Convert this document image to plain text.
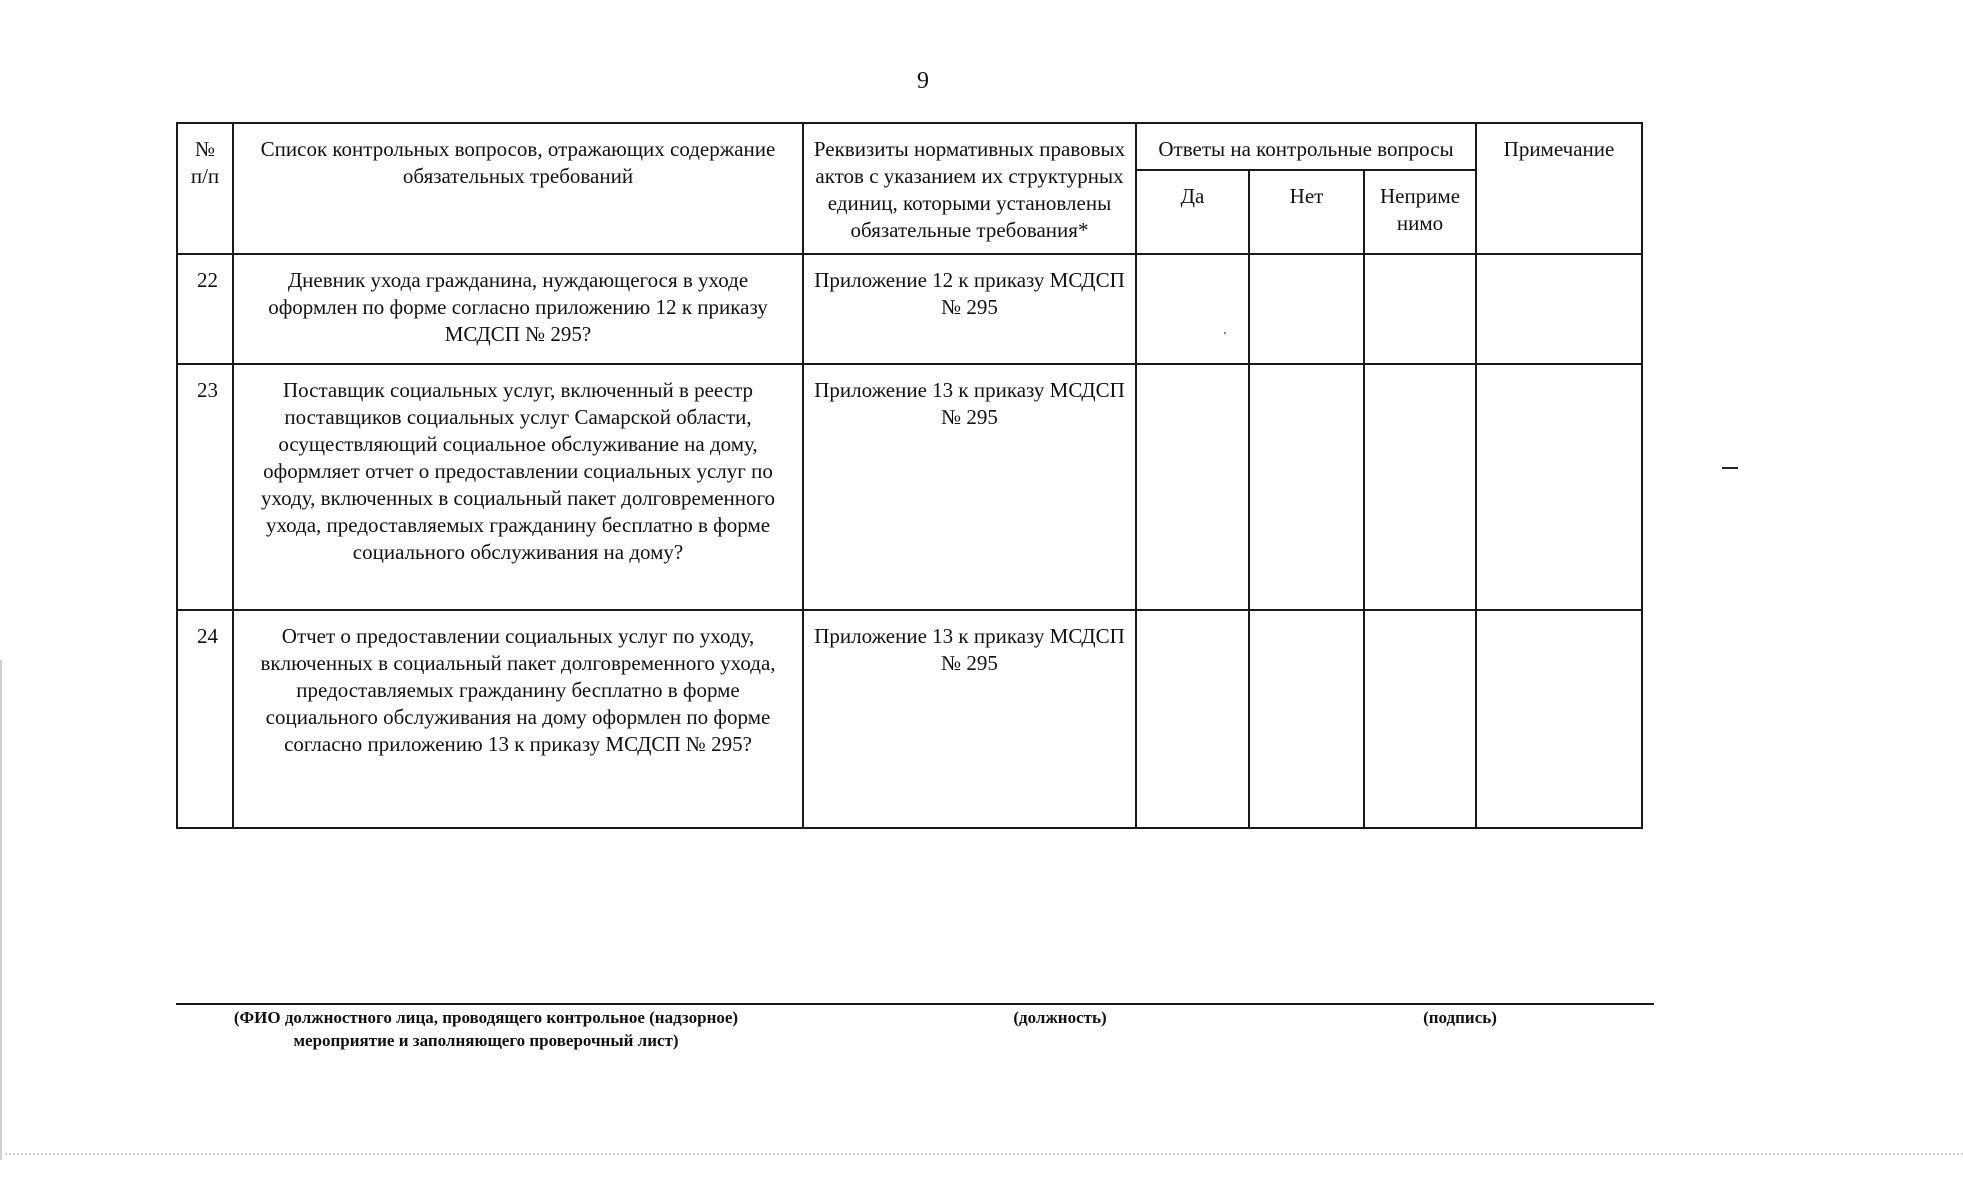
9
№ п/п	Список контрольных вопросов, отражающих содержание обязательных требований	Реквизиты нормативных правовых актов с указанием их структурных единиц, которыми установлены обязательные требования*	Ответы на контрольные вопросы			Примечание
			Да	Нет	Неприме нимо	
22	Дневник ухода гражданина, нуждающегося в уходе оформлен по форме согласно приложению 12 к приказу МСДСП № 295?	Приложение 12 к приказу МСДСП № 295				
23	Поставщик социальных услуг, включенный в реестр поставщиков социальных услуг Самарской области, осуществляющий социальное обслуживание на дому, оформляет отчет о предоставлении социальных услуг по уходу, включенных в социальный пакет долговременного ухода, предоставляемых гражданину бесплатно в форме социального обслуживания на дому?	Приложение 13 к приказу МСДСП № 295				
24	Отчет о предоставлении социальных услуг по уходу, включенных в социальный пакет долговременного ухода, предоставляемых гражданину бесплатно в форме социального обслуживания на дому оформлен по форме согласно приложению 13 к приказу МСДСП № 295?	Приложение 13 к приказу МСДСП № 295				
(ФИО должностного лица, проводящего контрольное (надзорное) мероприятие и заполняющего проверочный лист)
(должность)	(подпись)
